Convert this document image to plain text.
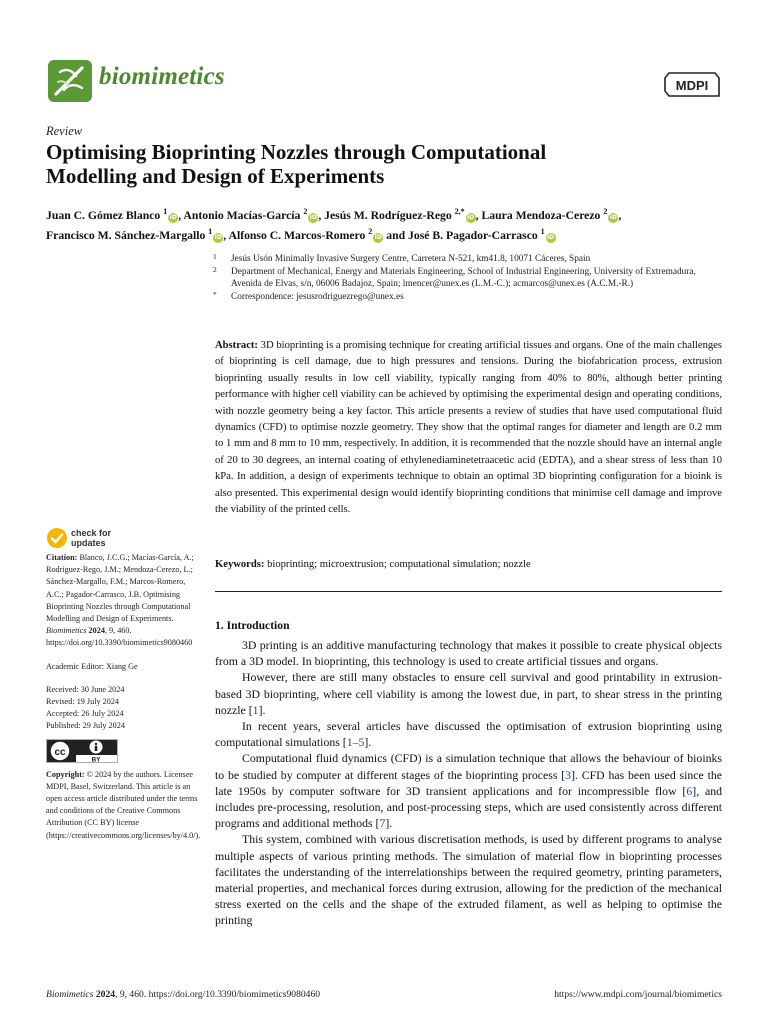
biomimetics	MDPI
Review
Optimising Bioprinting Nozzles through Computational
Modelling and Design of Experiments
Juan C. Gómez Blanco $^1$iD, Antonio Macías-García $^2$iD, Jesús M. Rodríguez-Rego $^{2,*}$iD, Laura Mendoza-Cerezo $^2$iD,
Francisco M. Sánchez-Margallo $^1$iD, Alfonso C. Marcos-Romero $^2$iD and José B. Pagador-Carrasco $^1$iD
1 Jesús Usón Minimally Invasive Surgery Centre, Carretera N-521, km41.8, 10071 Cáceres, Spain
2 Department of Mechanical, Energy and Materials Engineering, School of Industrial Engineering, University of Extremadura, Avenida de Elvas, s/n, 06006 Badajoz, Spain; lmencer@unex.es (L.M.-C.); acmarcos@unex.es (A.C.M.-R.)
* Correspondence: jesusrodriguezrego@unex.es
Abstract: 3D bioprinting is a promising technique for creating artificial tissues and organs. One of the main challenges of bioprinting is cell damage, due to high pressures and tensions. During the biofabrication process, extrusion bioprinting usually results in low cell viability, typically ranging from 40% to 80%, although better printing performance with higher cell viability can be achieved by optimising the experimental design and operating conditions, with nozzle geometry being a key factor. This article presents a review of studies that have used computational fluid dynamics (CFD) to optimise nozzle geometry. They show that the optimal ranges for diameter and length are 0.2 mm to 1 mm and 8 mm to 10 mm, respectively. In addition, it is recommended that the nozzle should have an internal angle of 20 to 30 degrees, an internal coating of ethylenediaminetetraacetic acid (EDTA), and a shear stress of less than 10 kPa. In addition, a design of experiments technique to obtain an optimal 3D bioprinting configuration for a bioink is also presented. This experimental design would identify bioprinting conditions that minimise cell damage and improve the viability of the printed cells.
Keywords: bioprinting; microextrusion; computational simulation; nozzle
1. Introduction

3D printing is an additive manufacturing technology that makes it possible to create physical objects from a 3D model. In bioprinting, this technology is used to create artificial tissues and organs.

However, there are still many obstacles to ensure cell survival and good printability in extrusion-based 3D bioprinting, where cell viability is among the lowest due, in part, to shear stress in the printing nozzle [1].

In recent years, several articles have discussed the optimisation of extrusion bioprinting using computational simulations [1–5].

Computational fluid dynamics (CFD) is a simulation technique that allows the behaviour of bioinks to be studied by computer at different stages of the bioprinting process [3]. CFD has been used since the late 1950s by computer software for 3D transient applications and for incompressible flow [6], and includes pre-processing, resolution, and post-processing steps, which are used consistently across different programs and additional methods [7].

This system, combined with various discretisation methods, is used by different programs to analyse multiple aspects of various printing methods. The simulation of material flow in bioprinting processes facilitates the understanding of the interrelationships between the required geometry, printing parameters, material properties, and mechanical forces during extrusion, allowing for the prediction of the mechanical stress exerted on the cells and the shape of the extruded filament, as well as helping to optimise the printing

check for
updates

Citation: Blanco, J.C.G.; Macías-García, A.; Rodríguez-Rego, J.M.; Mendoza-Cerezo, L.; Sánchez-Margallo, F.M.; Marcos-Romero, A.C.; Pagador-Carrasco, J.B. Optimising Bioprinting Nozzles through Computational Modelling and Design of Experiments. Biomimetics 2024, 9, 460. https://doi.org/10.3390/biomimetics9080460

Academic Editor: Xiang Ge

Received: 30 June 2024

Revised: 19 July 2024

Accepted: 26 July 2024

Published: 29 July 2024

cc
BY

Copyright: © 2024 by the authors. Licensee MDPI, Basel, Switzerland. This article is an open access article distributed under the terms and conditions of the Creative Commons Attribution (CC BY) license (https://creativecommons.org/licenses/by/4.0/).

Biomimetics 2024, 9, 460. https://doi.org/10.3390/biomimetics9080460	https://www.mdpi.com/journal/biomimetics
